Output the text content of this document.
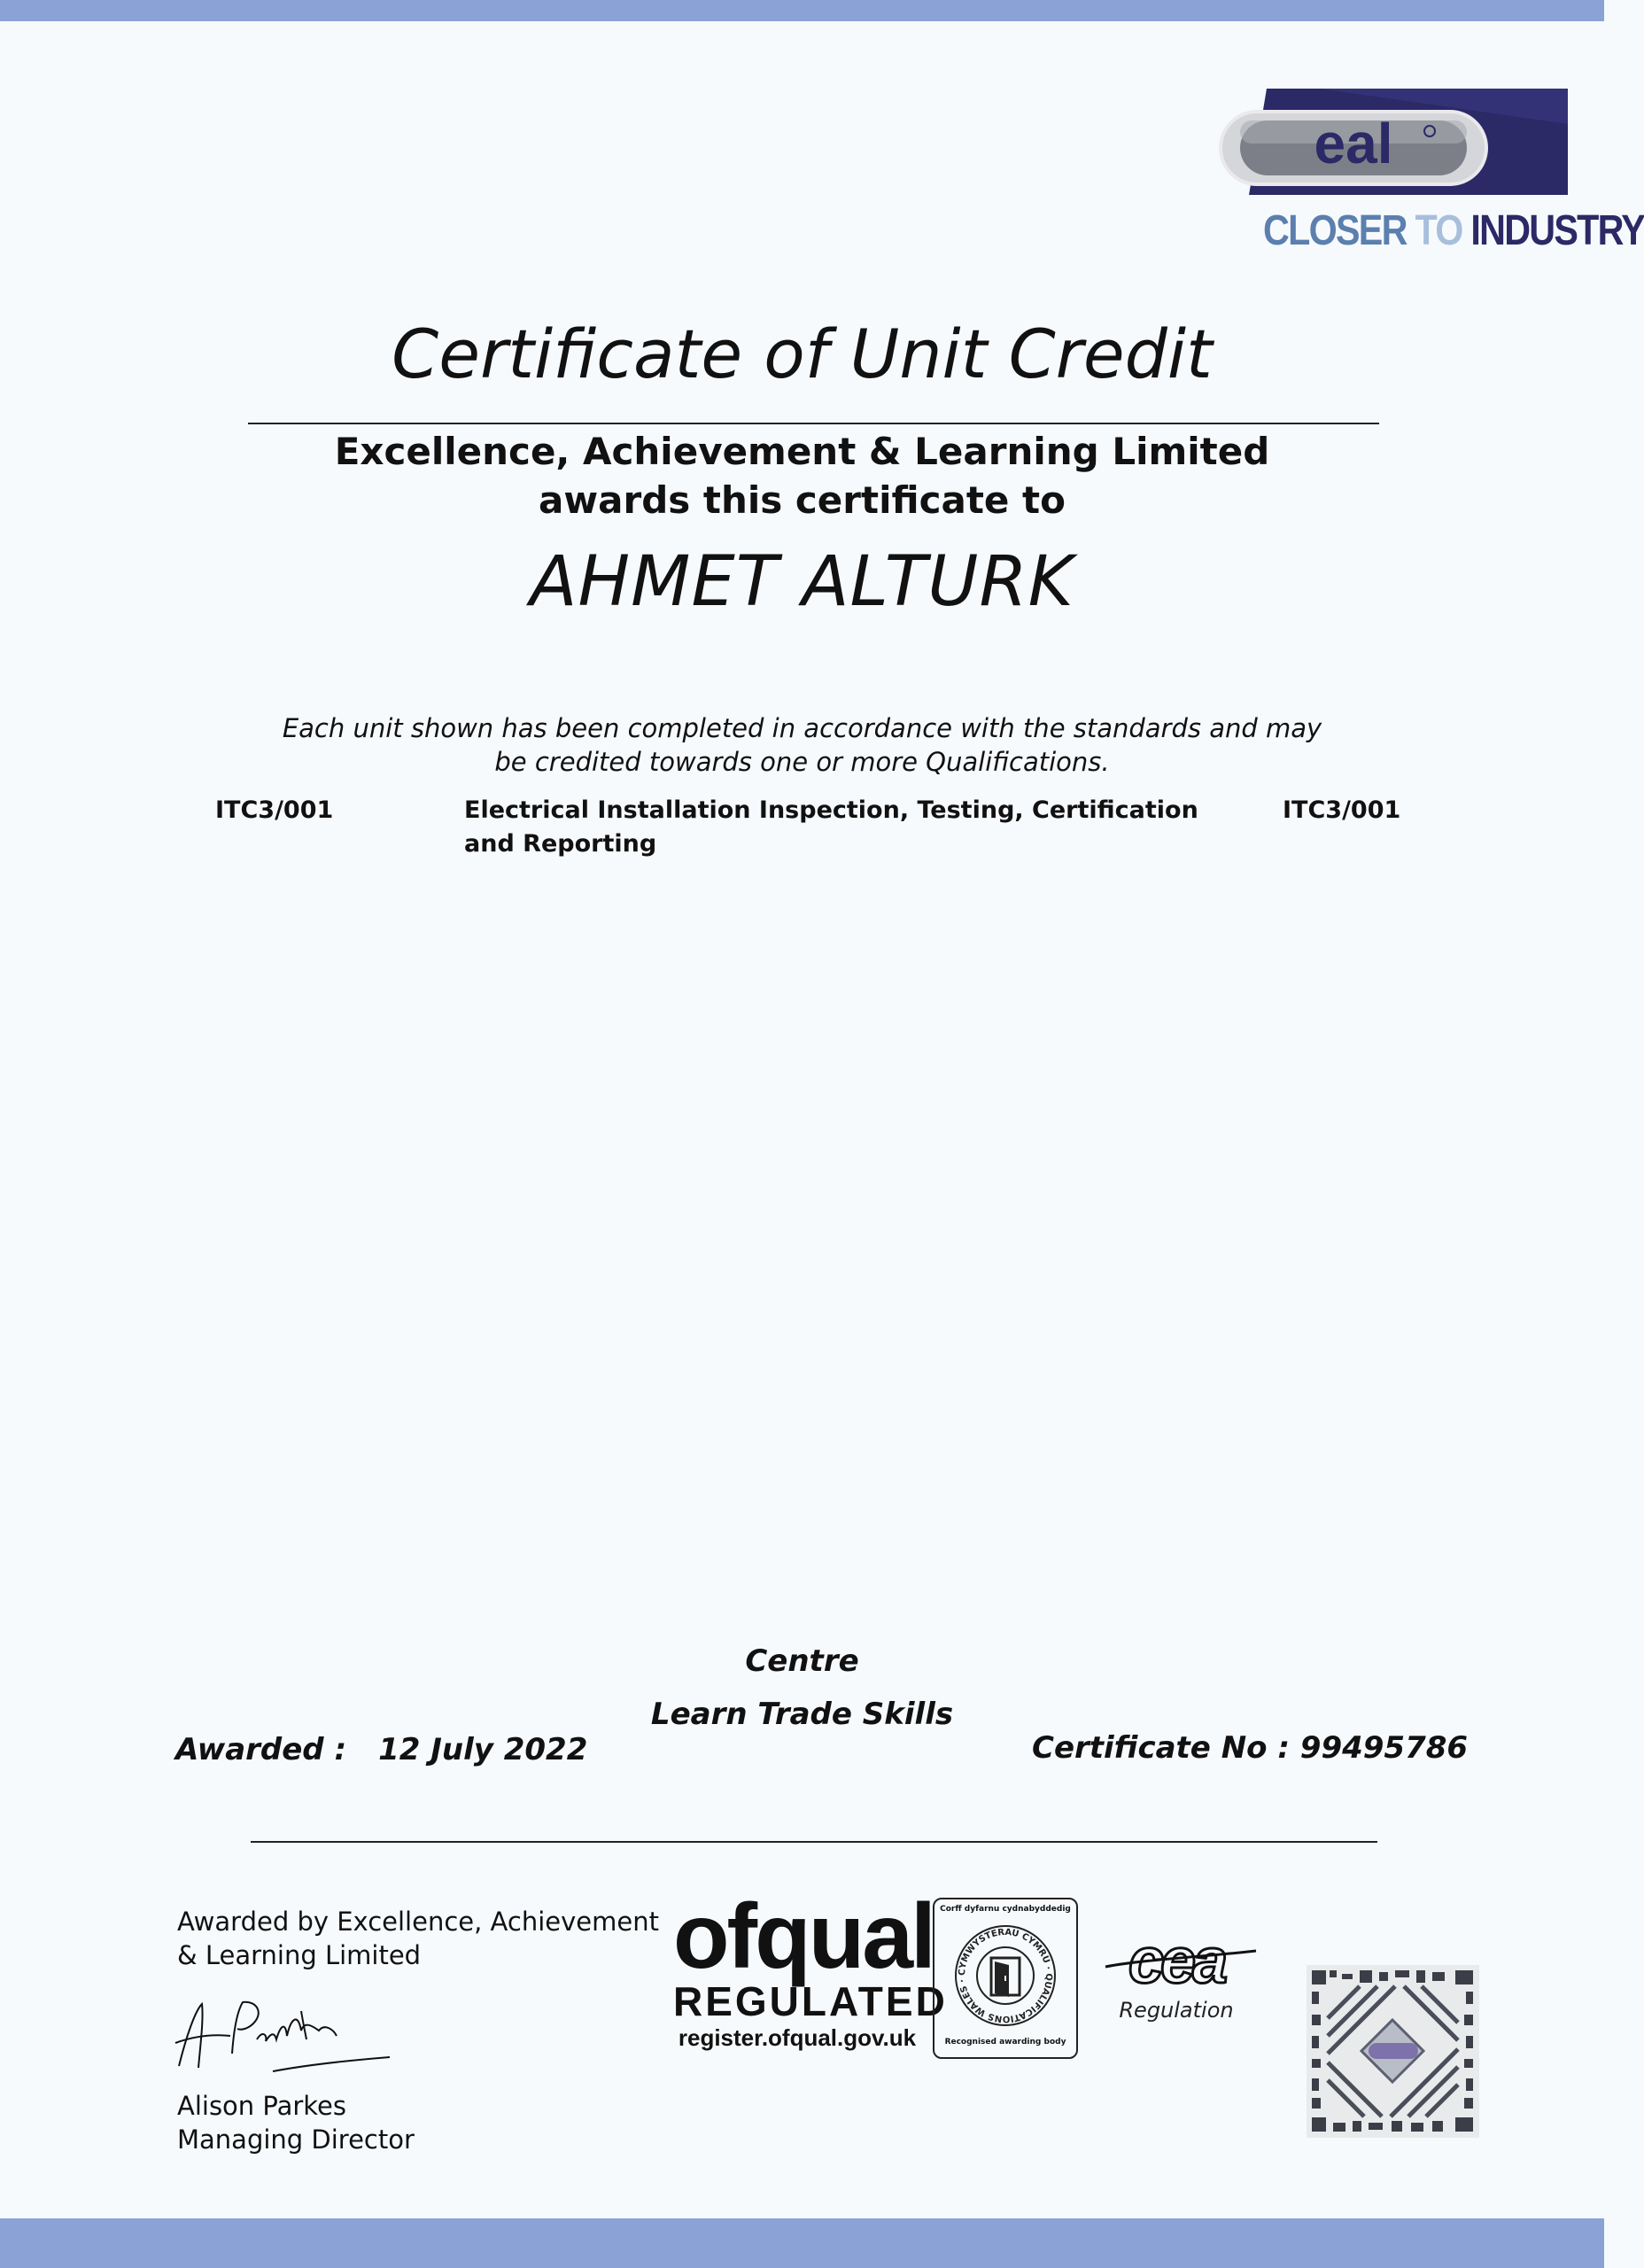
eal
CLOSER TO INDUSTRY
Certificate of Unit Credit
Excellence, Achievement & Learning Limited
awards this certificate to
AHMET ALTURK
Each unit shown has been completed in accordance with the standards and may
be credited towards one or more Qualifications.
ITC3/001	Electrical Installation Inspection, Testing, Certification
and Reporting
ITC3/001
Centre
Learn Trade Skills
Awarded : 12 July 2022	Certificate No : 99495786
Awarded by Excellence, Achievement
& Learning Limited
Alison Parkes
Managing Director
ofqual
REGULATED
register.ofqual.gov.uk
Corff dyfarnu cydnabyddedig
CYMWYSTERAU CYMRU · QUALIFICATIONS WALES ·
Recognised awarding body
cea
Regulation
